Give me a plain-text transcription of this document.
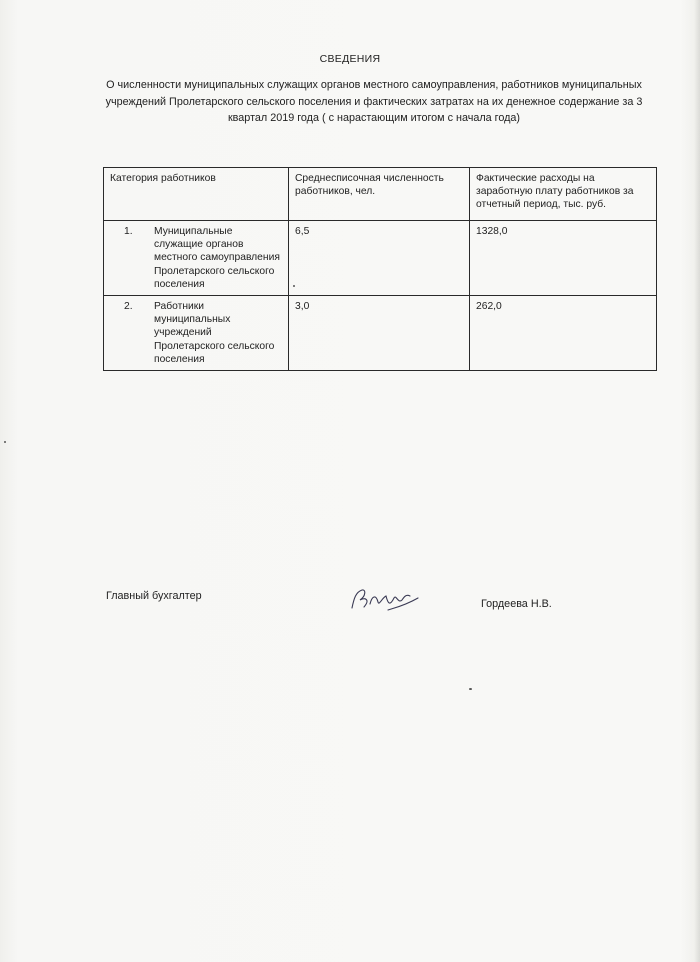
СВЕДЕНИЯ
О численности муниципальных служащих органов местного самоуправления, работников муниципальных учреждений Пролетарского сельского поселения и фактических затратах на их денежное содержание за 3 квартал 2019 года ( с нарастающим итогом с начала года)
Категория работников	Среднесписочная численность работников, чел.	Фактические расходы на заработную плату работников за отчетный период, тыс. руб.

1. Муниципальные служащие органов местного самоуправления Пролетарского сельского поселения	6,5	1328,0

2. Работники муниципальных учреждений Пролетарского сельского поселения	3,0	262,0
Главный бухгалтер
Гордеева Н.В.
